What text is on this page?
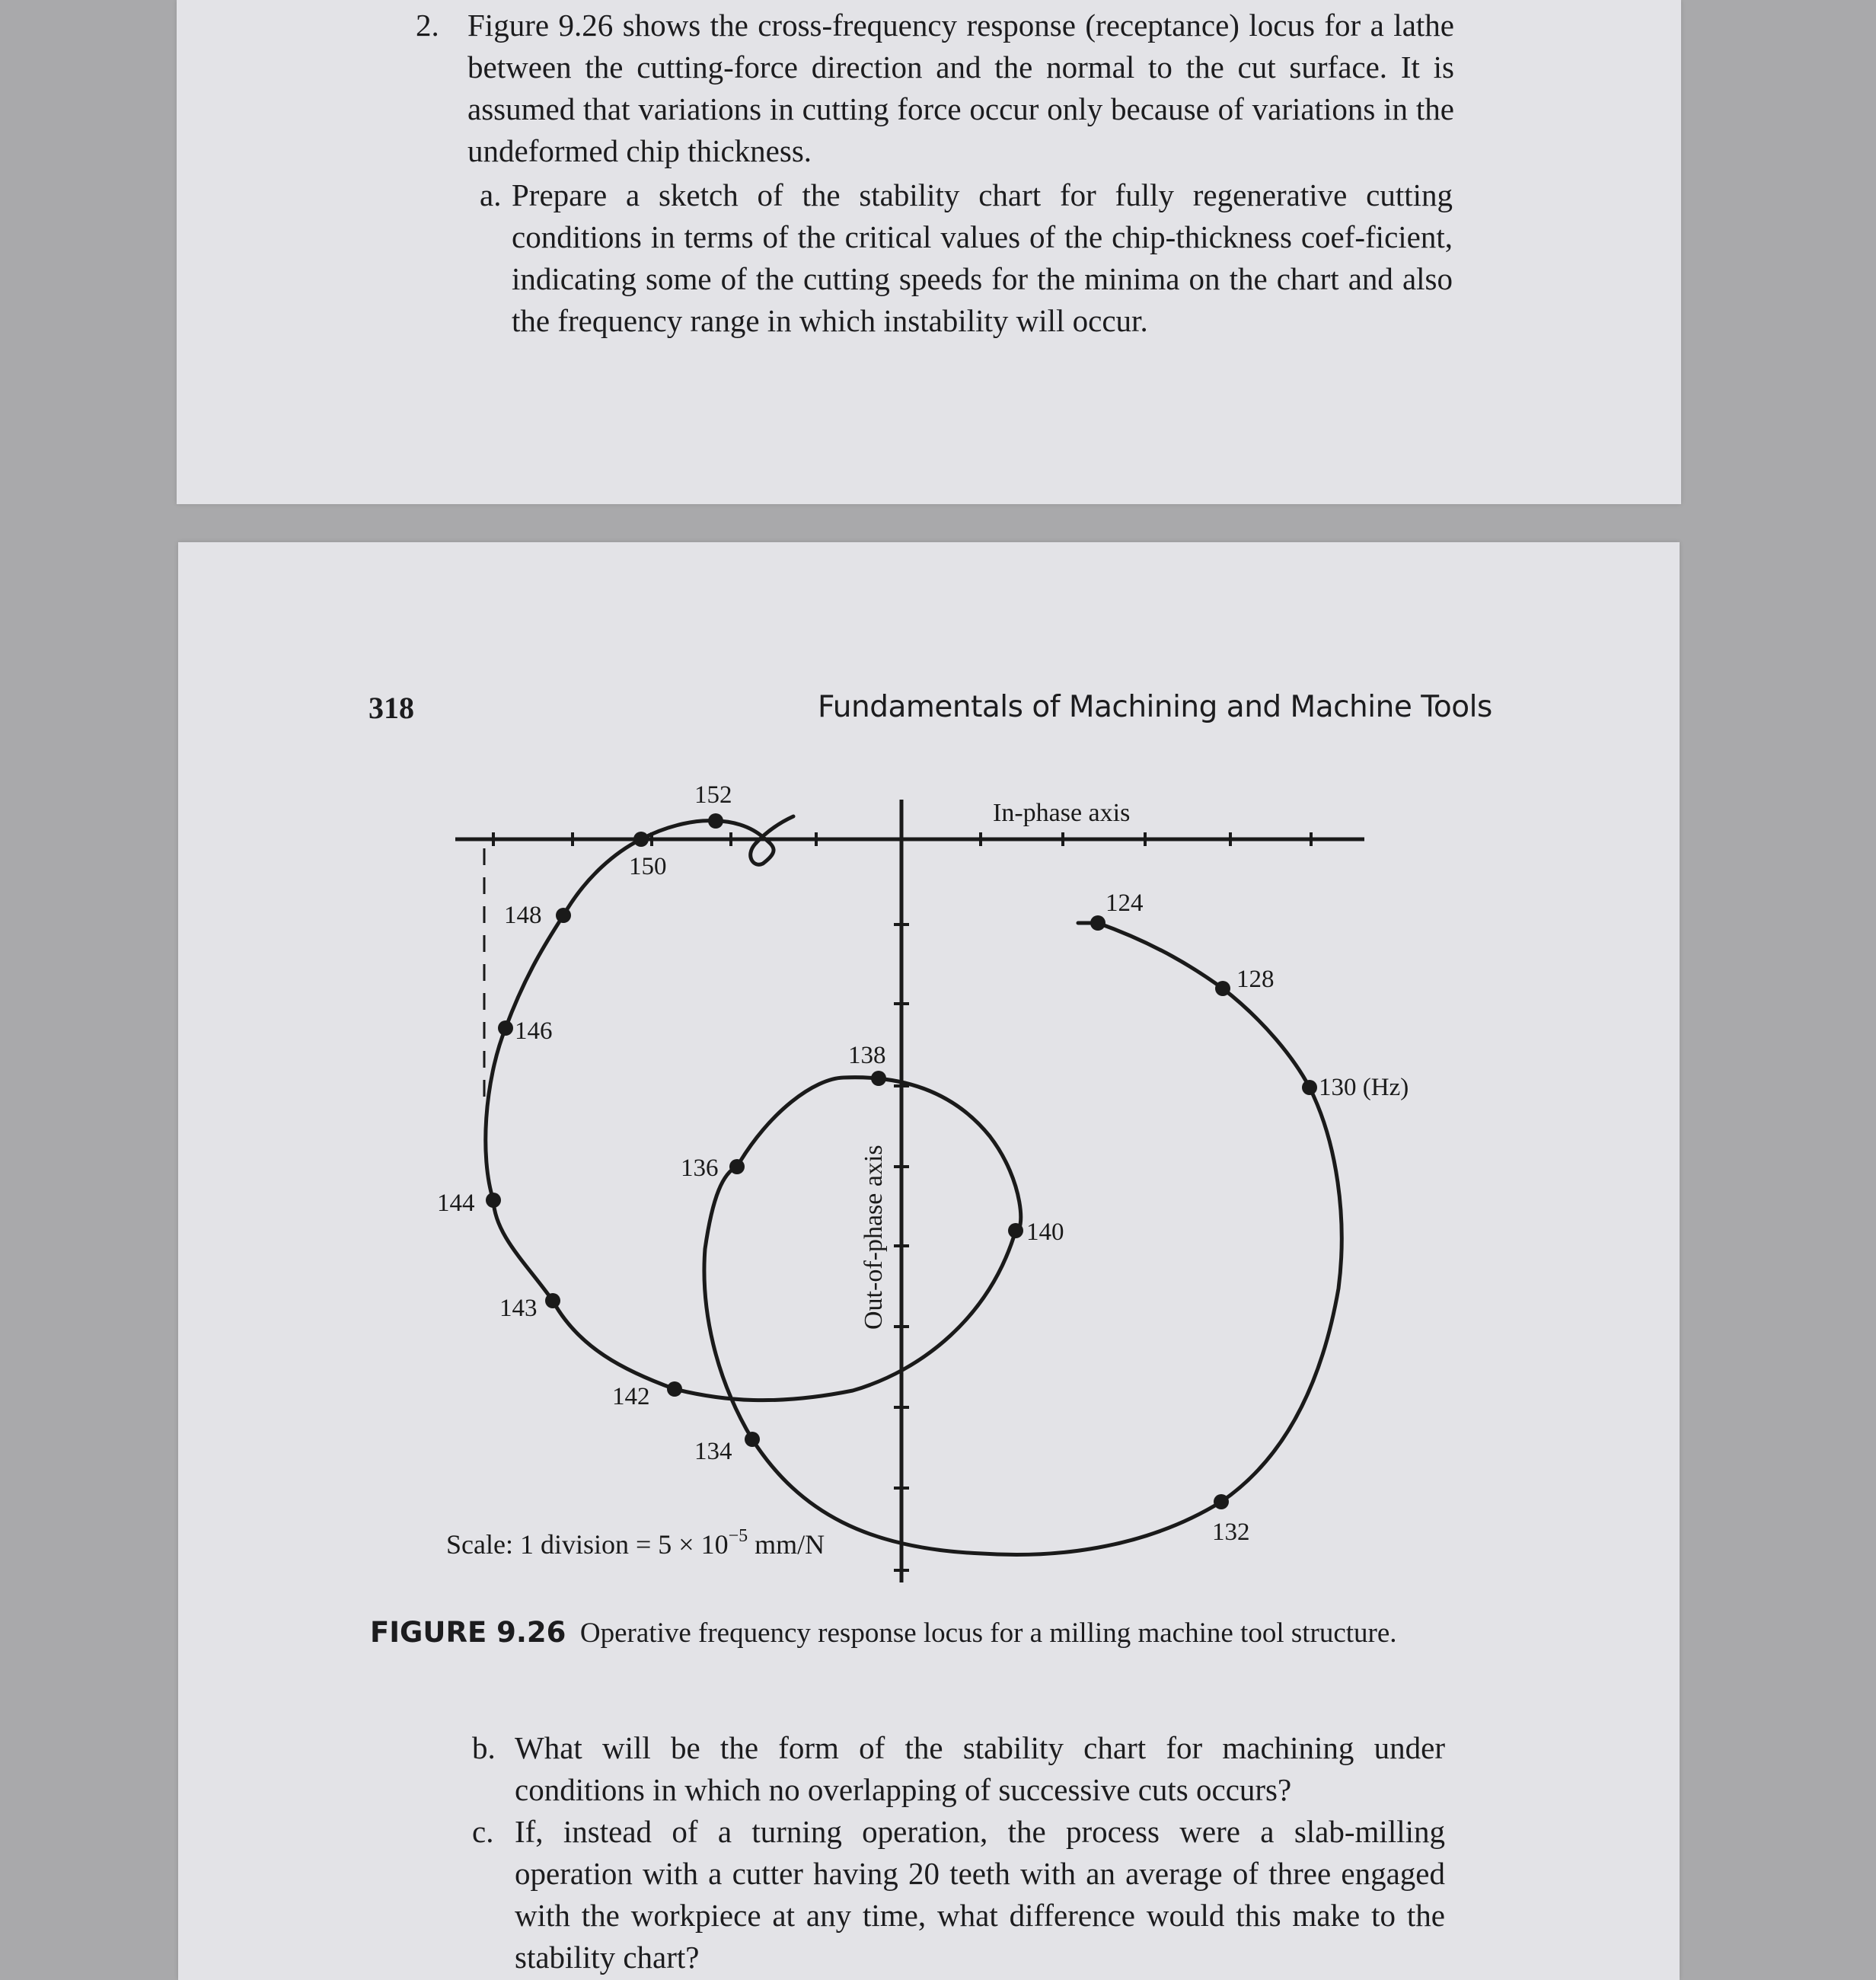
2. Figure 9.26 shows the cross-frequency response (receptance) locus for a lathe between the cutting-force direction and the normal to the cut surface. It is assumed that variations in cutting force occur only because of variations in the undeformed chip thickness.

a. Prepare a sketch of the stability chart for fully regenerative cutting conditions in terms of the critical values of the chip-thickness coef-ficient, indicating some of the cutting speeds for the minima on the chart and also the frequency range in which instability will occur.

318	Fundamentals of Machining and Machine Tools
In-phase axis
Out-of-phase axis
124
128
130 (Hz)
132
134
136
138
140
142
143
144
146
148
150
152
Scale: 1 division = $5 \times 10^{-5}$ mm/N
FIGURE 9.26 Operative frequency response locus for a milling machine tool structure.
b. What will be the form of the stability chart for machining under conditions in which no overlapping of successive cuts occurs?

c. If, instead of a turning operation, the process were a slab-milling operation with a cutter having 20 teeth with an average of three engaged with the workpiece at any time, what difference would this make to the stability chart?
